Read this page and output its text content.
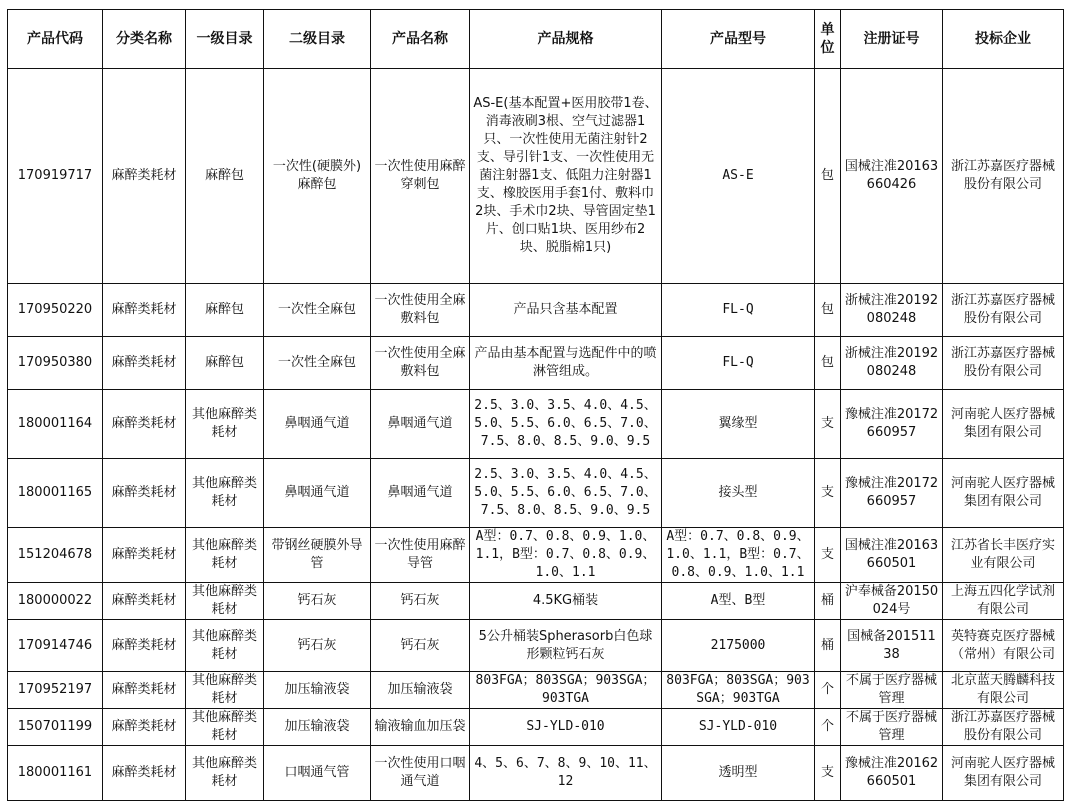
产品代码	分类名称	一级目录	二级目录	产品名称	产品规格	产品型号	单位	注册证号	投标企业
170919717	麻醉类耗材	麻醉包	一次性(硬膜外)麻醉包	一次性使用麻醉穿刺包	AS-E(基本配置+医用胶带1卷、消毒液刷3根、空气过滤器1只、一次性使用无菌注射针2支、导引针1支、一次性使用无菌注射器1支、低阻力注射器1支、橡胶医用手套1付、敷料巾2块、手术巾2块、导管固定垫1片、创口贴1块、医用纱布2块、脱脂棉1只)	AS-E	包	国械注准20163660426	浙江苏嘉医疗器械股份有限公司
170950220	麻醉类耗材	麻醉包	一次性全麻包	一次性使用全麻敷料包	产品只含基本配置	FL-Q	包	浙械注准20192080248	浙江苏嘉医疗器械股份有限公司
170950380	麻醉类耗材	麻醉包	一次性全麻包	一次性使用全麻敷料包	产品由基本配置与选配件中的喷淋管组成。	FL-Q	包	浙械注准20192080248	浙江苏嘉医疗器械股份有限公司
180001164	麻醉类耗材	其他麻醉类耗材	鼻咽通气道	鼻咽通气道	2.5、3.0、3.5、4.0、4.5、5.0、5.5、6.0、6.5、7.0、7.5、8.0、8.5、9.0、9.5	翼缘型	支	豫械注准20172660957	河南驼人医疗器械集团有限公司
180001165	麻醉类耗材	其他麻醉类耗材	鼻咽通气道	鼻咽通气道	2.5、3.0、3.5、4.0、4.5、5.0、5.5、6.0、6.5、7.0、7.5、8.0、8.5、9.0、9.5	接头型	支	豫械注准20172660957	河南驼人医疗器械集团有限公司
151204678	麻醉类耗材	其他麻醉类耗材	带钢丝硬膜外导管	一次性使用麻醉导管	A型：0.7、0.8、0.9、1.0、1.1，B型：0.7、0.8、0.9、1.0、1.1	A型：0.7、0.8、0.9、1.0、1.1，B型：0.7、0.8、0.9、1.0、1.1	支	国械注准20163660501	江苏省长丰医疗实业有限公司
180000022	麻醉类耗材	其他麻醉类耗材	钙石灰	钙石灰	4.5KG桶装	A型、B型	桶	沪奉械备20150024号	上海五四化学试剂有限公司
170914746	麻醉类耗材	其他麻醉类耗材	钙石灰	钙石灰	5公升桶装Spherasorb白色球形颗粒钙石灰	2175000	桶	国械备20151138	英特赛克医疗器械（常州）有限公司
170952197	麻醉类耗材	其他麻醉类耗材	加压输液袋	加压输液袋	803FGA；803SGA；903SGA；903TGA	803FGA；803SGA；903SGA；903TGA	个	不属于医疗器械管理	北京蓝天腾麟科技有限公司
150701199	麻醉类耗材	其他麻醉类耗材	加压输液袋	输液输血加压袋	SJ-YLD-010	SJ-YLD-010	个	不属于医疗器械管理	浙江苏嘉医疗器械股份有限公司
180001161	麻醉类耗材	其他麻醉类耗材	口咽通气管	一次性使用口咽通气道	4、5、6、7、8、9、10、11、12	透明型	支	豫械注准20162660501	河南驼人医疗器械集团有限公司
